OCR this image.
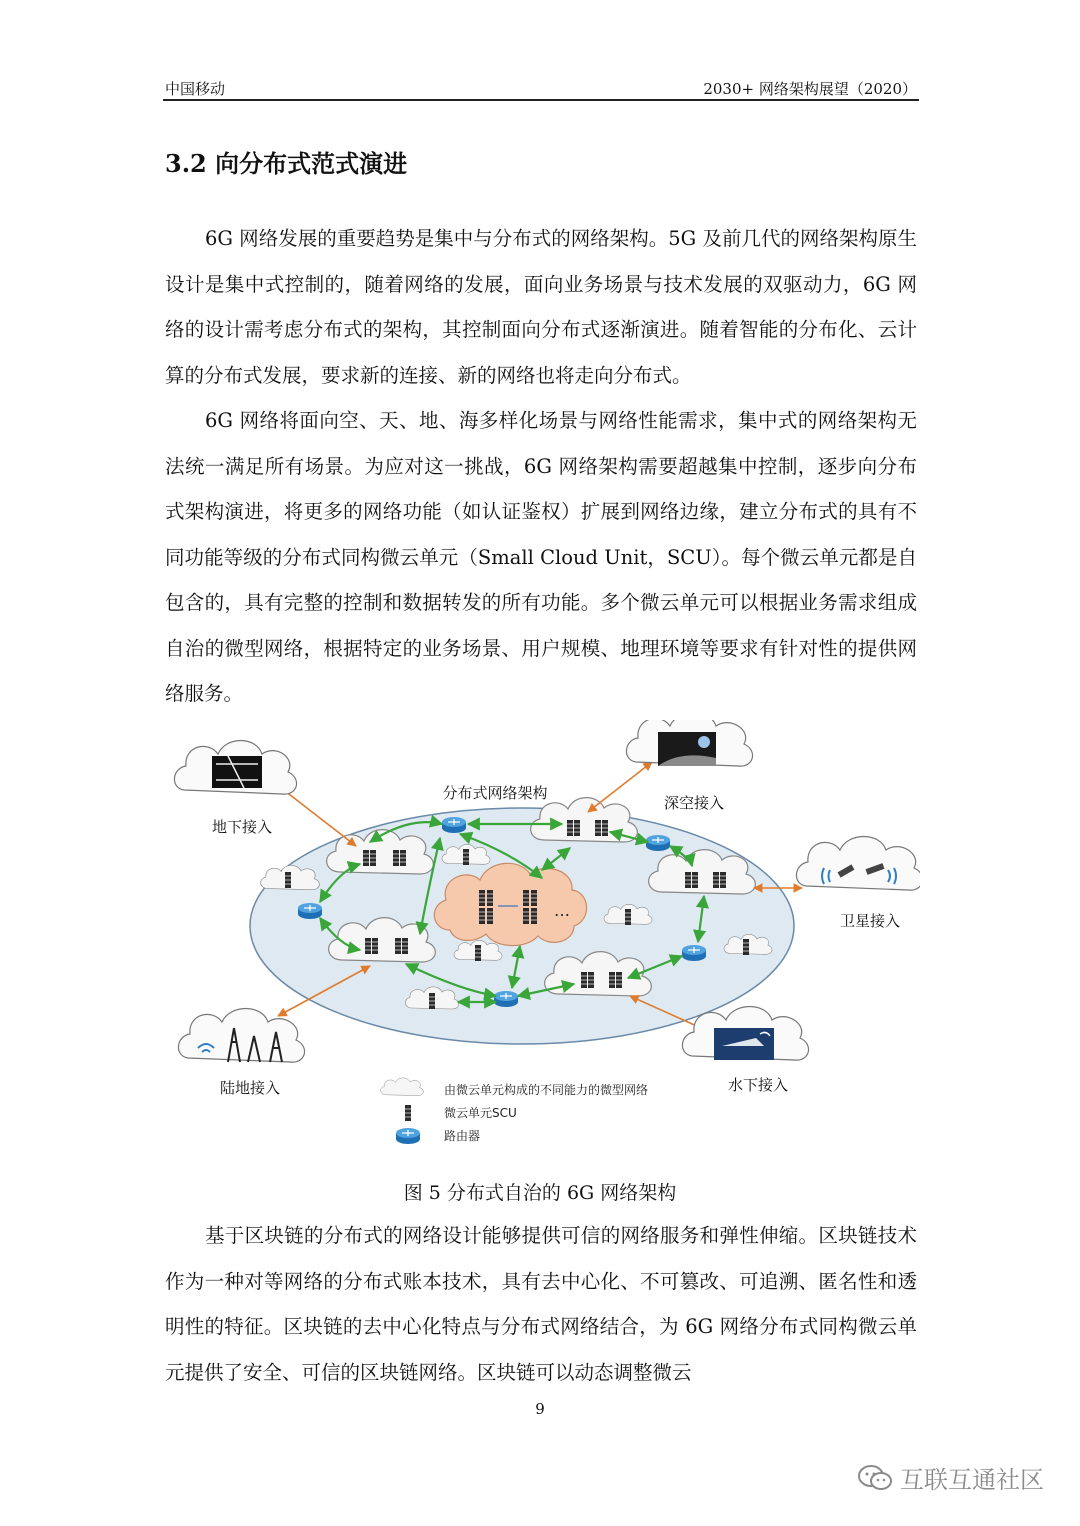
中国移动	2030+ 网络架构展望（2020）
3.2 向分布式范式演进

6G 网络发展的重要趋势是集中与分布式的网络架构。5G 及前几代的网络架构原生设计是集中式控制的，随着网络的发展，面向业务场景与技术发展的双驱动力，6G 网络的设计需考虑分布式的架构，其控制面向分布式逐渐演进。随着智能的分布化、云计算的分布式发展，要求新的连接、新的网络也将走向分布式。

6G 网络将面向空、天、地、海多样化场景与网络性能需求，集中式的网络架构无法统一满足所有场景。为应对这一挑战，6G 网络架构需要超越集中控制，逐步向分布式架构演进，将更多的网络功能（如认证鉴权）扩展到网络边缘，建立分布式的具有不同功能等级的分布式同构微云单元（Small Cloud Unit，SCU）。每个微云单元都是自包含的，具有完整的控制和数据转发的所有功能。多个微云单元可以根据业务需求组成自治的微型网络，根据特定的业务场景、用户规模、地理环境等要求有针对性的提供网络服务。

分布式网络架构
…
地下接入
深空接入
卫星接入
陆地接入	水下接入
由微云单元构成的不同能力的微型网络
微云单元SCU
路由器
图 5 分布式自治的 6G 网络架构

基于区块链的分布式的网络设计能够提供可信的网络服务和弹性伸缩。区块链技术作为一种对等网络的分布式账本技术，具有去中心化、不可篡改、可追溯、匿名性和透明性的特征。区块链的去中心化特点与分布式网络结合，为 6G 网络分布式同构微云单元提供了安全、可信的区块链网络。区块链可以动态调整微云

9
互联互通社区
